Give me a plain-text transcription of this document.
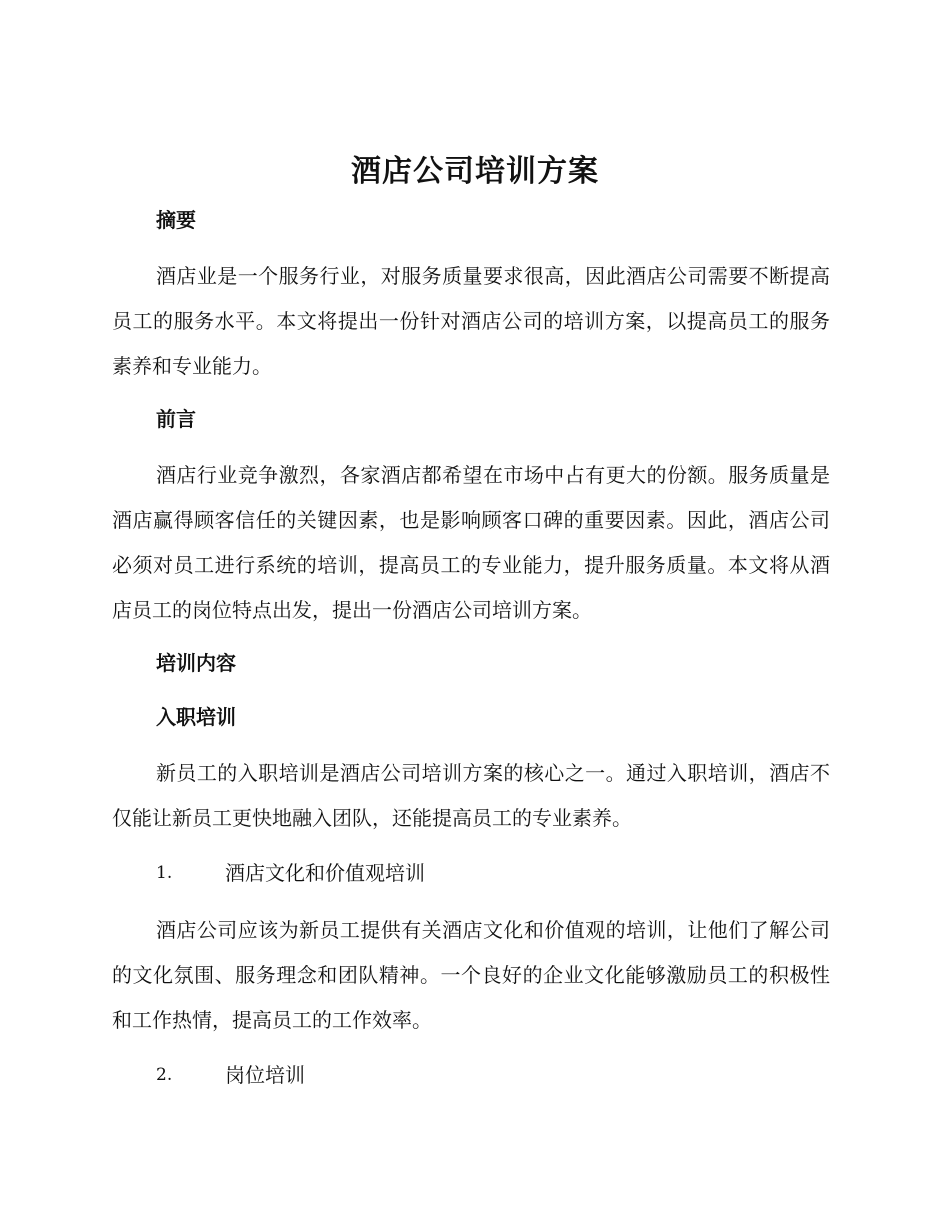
酒店公司培训方案
摘要
酒店业是一个服务行业，对服务质量要求很高，因此酒店公司需要不断提高员工的服务水平。本文将提出一份针对酒店公司的培训方案，以提高员工的服务素养和专业能力。
前言
酒店行业竞争激烈，各家酒店都希望在市场中占有更大的份额。服务质量是酒店赢得顾客信任的关键因素，也是影响顾客口碑的重要因素。因此，酒店公司必须对员工进行系统的培训，提高员工的专业能力，提升服务质量。本文将从酒店员工的岗位特点出发，提出一份酒店公司培训方案。
培训内容
入职培训
新员工的入职培训是酒店公司培训方案的核心之一。通过入职培训，酒店不仅能让新员工更快地融入团队，还能提高员工的专业素养。
1.	酒店文化和价值观培训
酒店公司应该为新员工提供有关酒店文化和价值观的培训，让他们了解公司的文化氛围、服务理念和团队精神。一个良好的企业文化能够激励员工的积极性和工作热情，提高员工的工作效率。
2.	岗位培训
